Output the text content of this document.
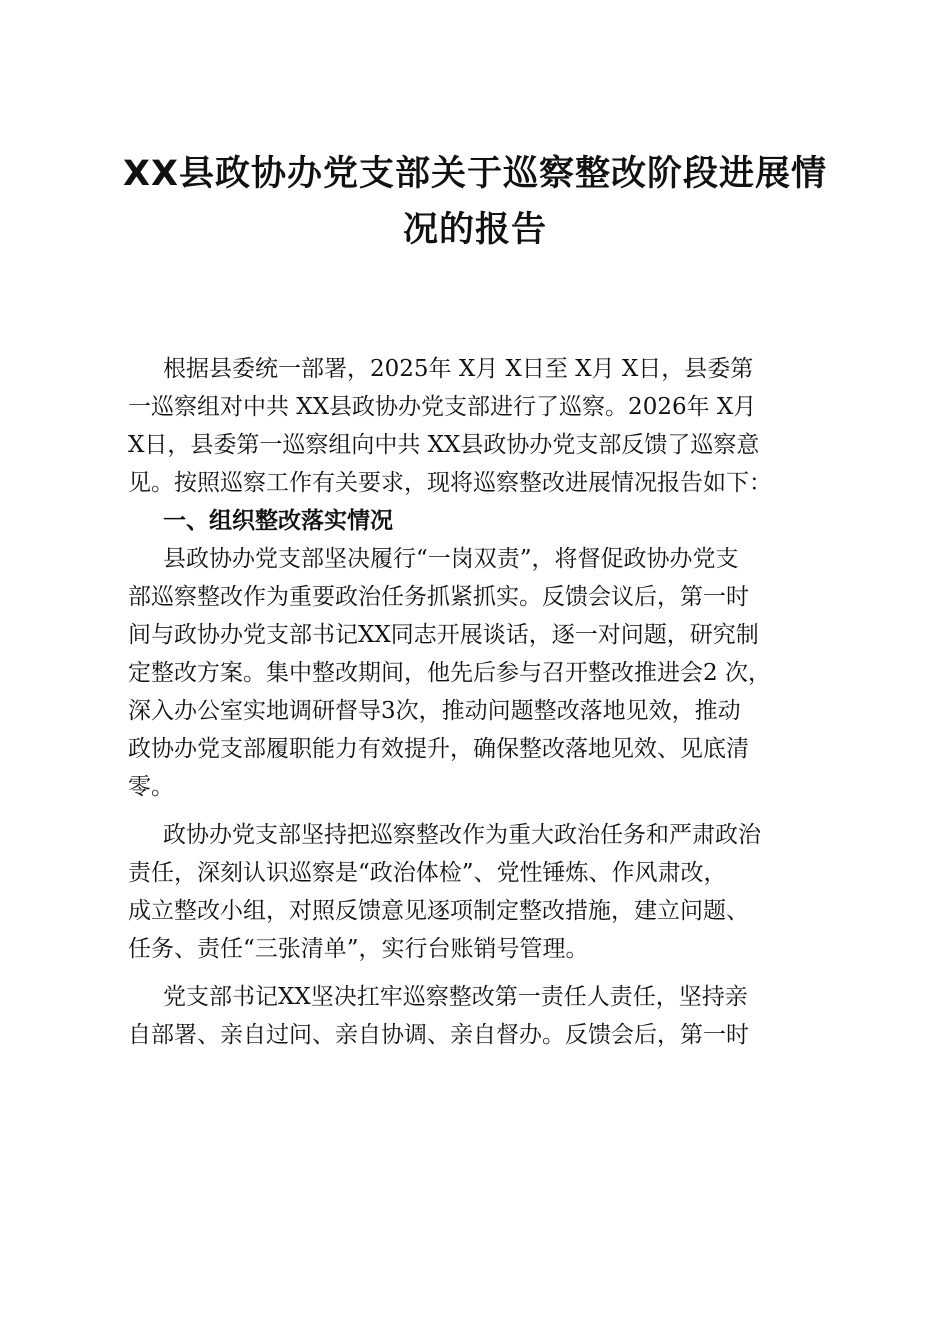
XX县政协办党支部关于巡察整改阶段进展情
况的报告
根据县委统一部署，2025年 X月 X日至 X月 X日，县委第
一巡察组对中共 XX县政协办党支部进行了巡察。2026年 X月
X日，县委第一巡察组向中共 XX县政协办党支部反馈了巡察意
见。按照巡察工作有关要求，现将巡察整改进展情况报告如下：
一、组织整改落实情况
县政协办党支部坚决履行“一岗双责”，将督促政协办党支
部巡察整改作为重要政治任务抓紧抓实。反馈会议后，第一时
间与政协办党支部书记XX同志开展谈话，逐一对问题，研究制
定整改方案。集中整改期间，他先后参与召开整改推进会2 次，
深入办公室实地调研督导3次，推动问题整改落地见效，推动
政协办党支部履职能力有效提升，确保整改落地见效、见底清
零。
政协办党支部坚持把巡察整改作为重大政治任务和严肃政治
责任，深刻认识巡察是“政治体检”、党性锤炼、作风肃改，
成立整改小组，对照反馈意见逐项制定整改措施，建立问题、
任务、责任“三张清单”，实行台账销号管理。
党支部书记XX坚决扛牢巡察整改第一责任人责任，坚持亲
自部署、亲自过问、亲自协调、亲自督办。反馈会后，第一时
